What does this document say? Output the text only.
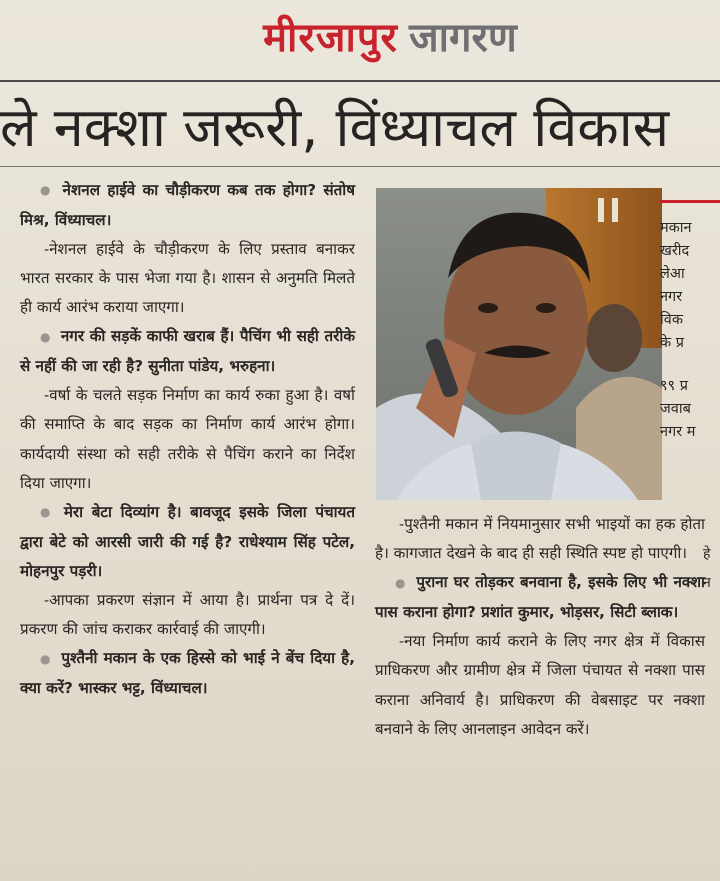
मीरजापुर जागरण
ले नक्शा जरूरी, विंध्याचल विकास

● नेशनल हाईवे का चौड़ीकरण कब तक होगा? संतोष मिश्र, विंध्याचल।

-नेशनल हाईवे के चौड़ीकरण के लिए प्रस्ताव बनाकर भारत सरकार के पास भेजा गया है। शासन से अनुमति मिलते ही कार्य आरंभ कराया जाएगा।

● नगर की सड़कें काफी खराब हैं। पैचिंग भी सही तरीके से नहीं की जा रही है? सुनीता पांडेय, भरुहना।

-वर्षा के चलते सड़क निर्माण का कार्य रुका हुआ है। वर्षा की समाप्ति के बाद सड़क का निर्माण कार्य आरंभ होगा। कार्यदायी संस्था को सही तरीके से पैचिंग कराने का निर्देश दिया जाएगा।

● मेरा बेटा दिव्यांग है। बावजूद इसके जिला पंचायत द्वारा बेटे को आरसी जारी की गई है? राधेश्याम सिंह पटेल, मोहनपुर पड़री।

-आपका प्रकरण संज्ञान में आया है। प्रार्थना पत्र दे दें। प्रकरण की जांच कराकर कार्रवाई की जाएगी।

● पुश्तैनी मकान के एक हिस्से को भाई ने बेंच दिया है, क्या करें? भास्कर भट्ट, विंध्याचल।

मकान
खरीद
लेआ
नगर
विक
के प्र
९९ प्र
जवाब
नगर म

-पुश्तैनी मकान में नियमानुसार सभी भाइयों का हक होता है। कागजात देखने के बाद ही सही स्थिति स्पष्ट हो पाएगी।

● पुराना घर तोड़कर बनवाना है, इसके लिए भी नक्शा पास कराना होगा? प्रशांत कुमार, भोड़सर, सिटी ब्लाक।

-नया निर्माण कार्य कराने के लिए नगर क्षेत्र में विकास प्राधिकरण और ग्रामीण क्षेत्र में जिला पंचायत से नक्शा पास कराना अनिवार्य है। प्राधिकरण की वेबसाइट पर नक्शा बनवाने के लिए आनलाइन आवेदन करें।

हे
न
